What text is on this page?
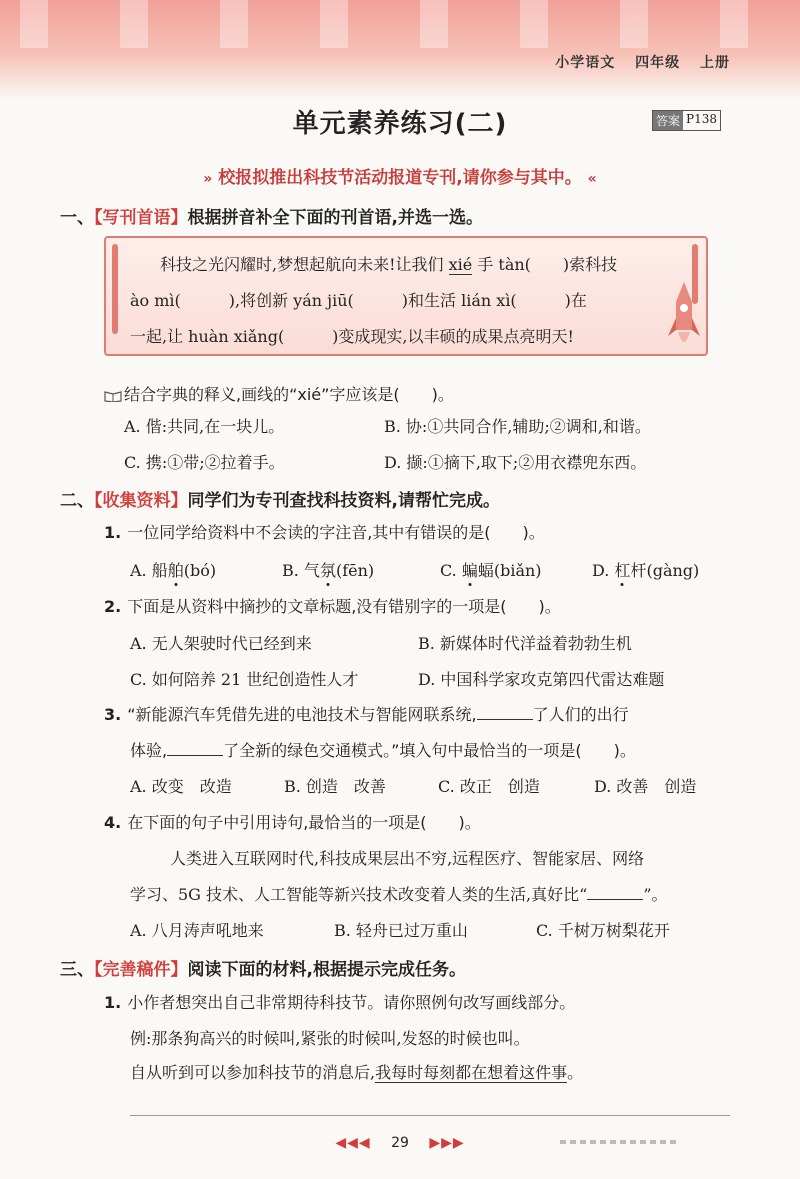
小学语文 四年级 上册
单元素养练习(二)	答案 P138
» 校报拟推出科技节活动报道专刊,请你参与其中。 «
一、【写刊首语】根据拼音补全下面的刊首语,并选一选。
科技之光闪耀时,梦想起航向未来!让我们 xié 手 tàn(　　)索科技
ào mì(　　　),将创新 yán jiū(　　　)和生活 lián xì(　　　)在
一起,让 huàn xiǎng(　　　)变成现实,以丰硕的成果点亮明天!
结合字典的释义,画线的“xié”字应该是(　　)。
A. 偕:共同,在一块儿。	B. 协:①共同合作,辅助;②调和,和谐。
C. 携:①带;②拉着手。	D. 撷:①摘下,取下;②用衣襟兜东西。
二、【收集资料】同学们为专刊查找科技资料,请帮忙完成。
1. 一位同学给资料中不会读的字注音,其中有错误的是(　　)。
A. 船舶(bó)	B. 气氛(fēn)	C. 蝙蝠(biǎn)	D. 杠杆(gàng)
2. 下面是从资料中摘抄的文章标题,没有错别字的一项是(　　)。
A. 无人架驶时代已经到来	B. 新媒体时代洋益着勃勃生机
C. 如何陪养 21 世纪创造性人才	D. 中国科学家攻克第四代雷达难题
3. “新能源汽车凭借先进的电池技术与智能网联系统,	了人们的出行
体验,	了全新的绿色交通模式。”填入句中最恰当的一项是(　　)。
A. 改变　改造	B. 创造　改善	C. 改正　创造	D. 改善　创造
4. 在下面的句子中引用诗句,最恰当的一项是(　　)。
人类进入互联网时代,科技成果层出不穷,远程医疗、智能家居、网络
学习、5G 技术、人工智能等新兴技术改变着人类的生活,真好比“	”。
A. 八月涛声吼地来	B. 轻舟已过万重山	C. 千树万树梨花开
三、【完善稿件】阅读下面的材料,根据提示完成任务。
1. 小作者想突出自己非常期待科技节。请你照例句改写画线部分。
例:那条狗高兴的时候叫,紧张的时候叫,发怒的时候也叫。
自从听到可以参加科技节的消息后,我每时每刻都在想着这件事。
◀◀◀ 29 ▶▶▶
